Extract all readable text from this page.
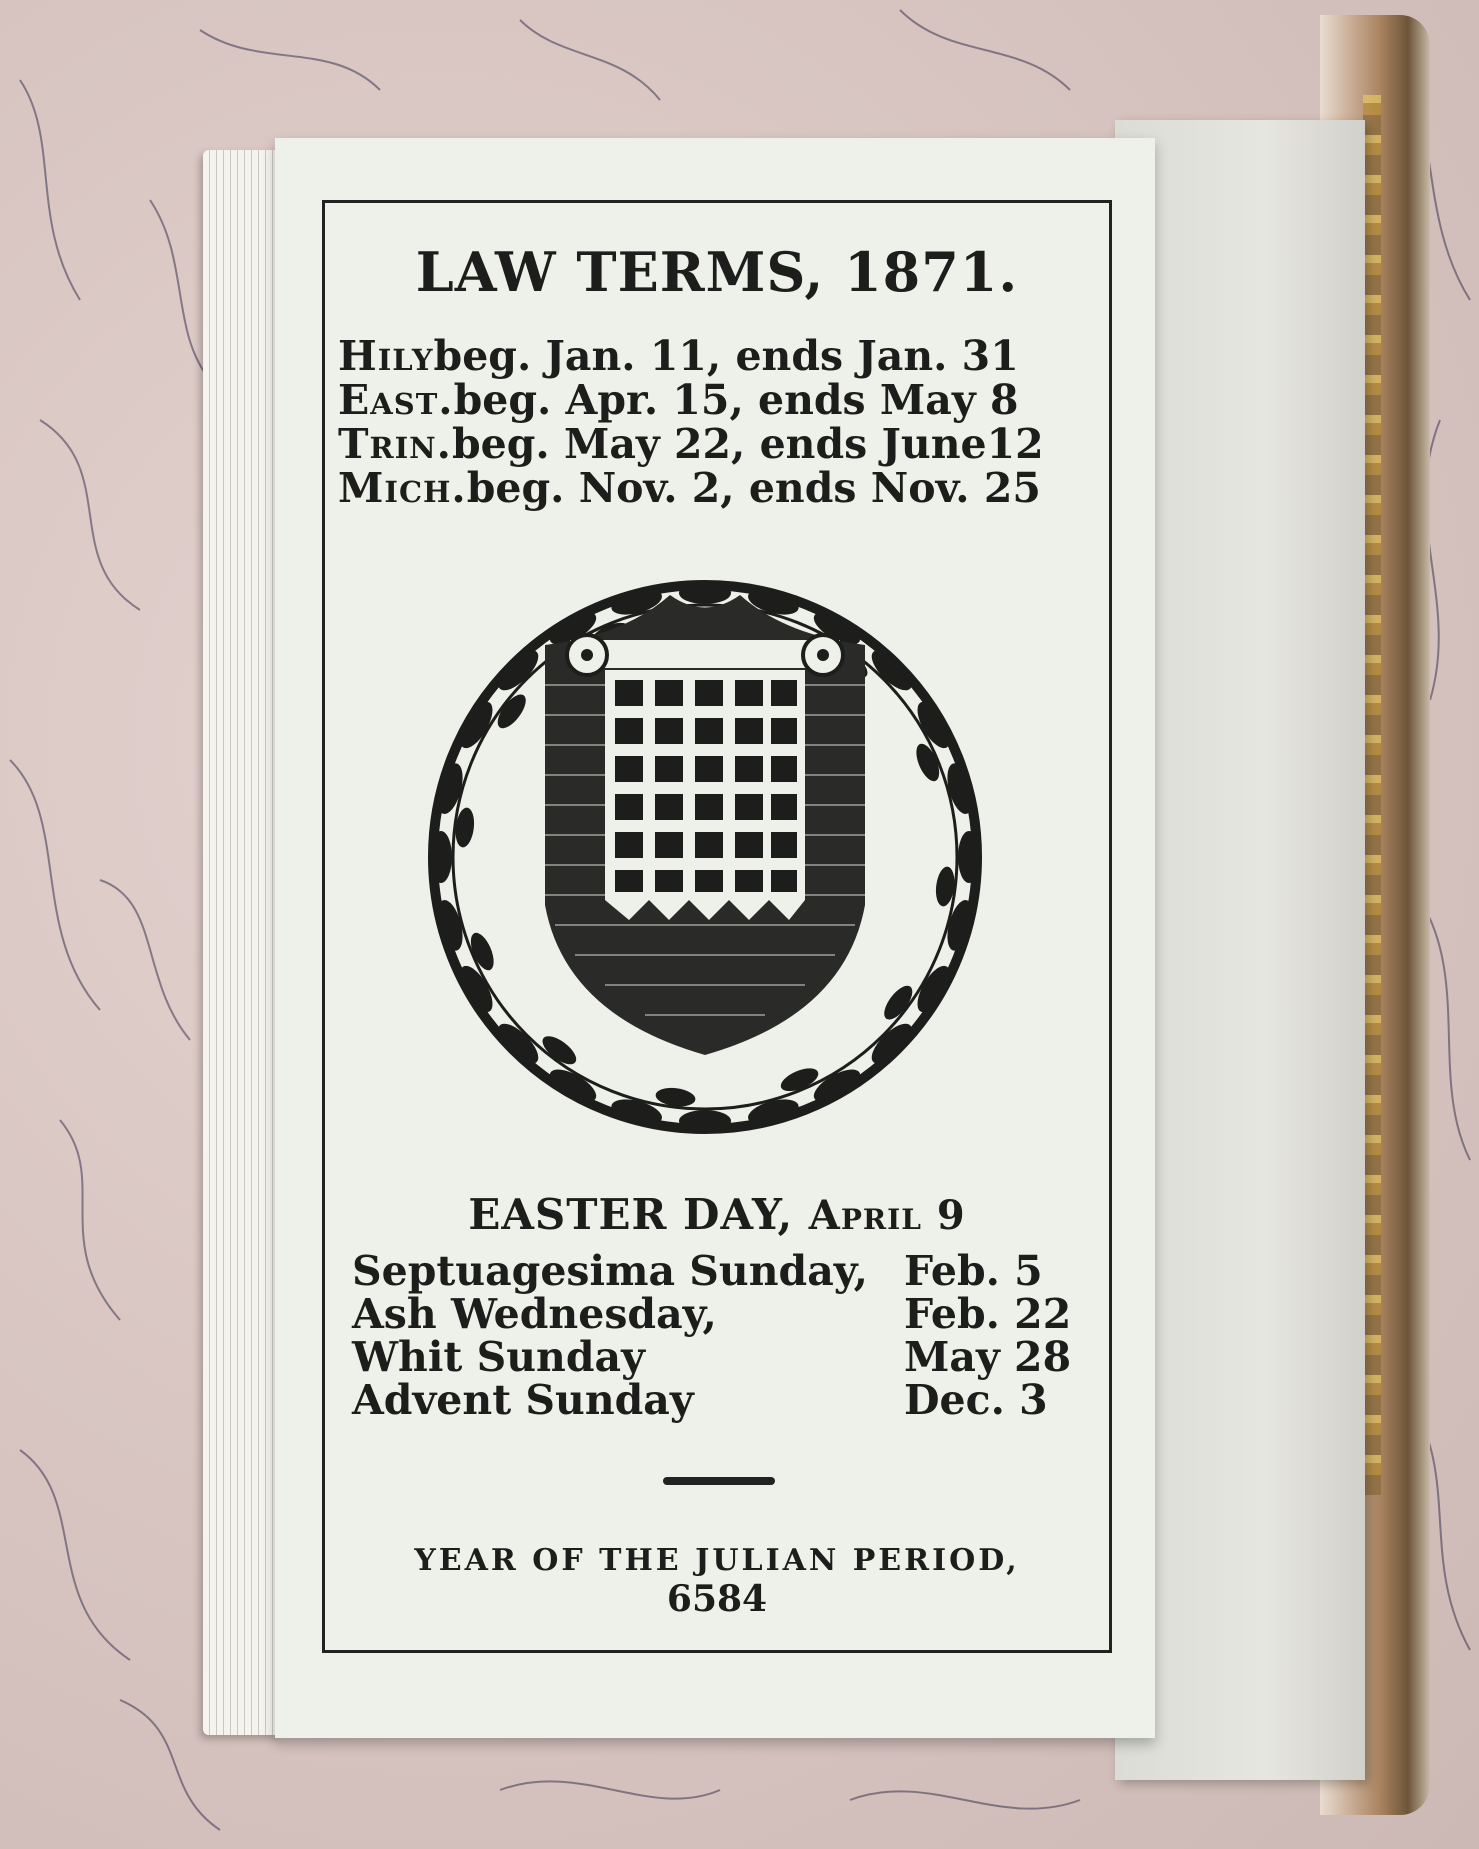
LAW TERMS, 1871.
Hily beg. Jan. 11, ends Jan. 31
East. beg. Apr. 15, ends May 8
Trin. beg. May 22, ends June12
Mich. beg. Nov. 2, ends Nov. 25
EASTER DAY, April 9
Septuagesima Sunday, Feb. 5
Ash Wednesday,	Feb. 22
Whit Sunday	May 28
Advent Sunday	Dec. 3
YEAR OF THE JULIAN PERIOD,
6584
